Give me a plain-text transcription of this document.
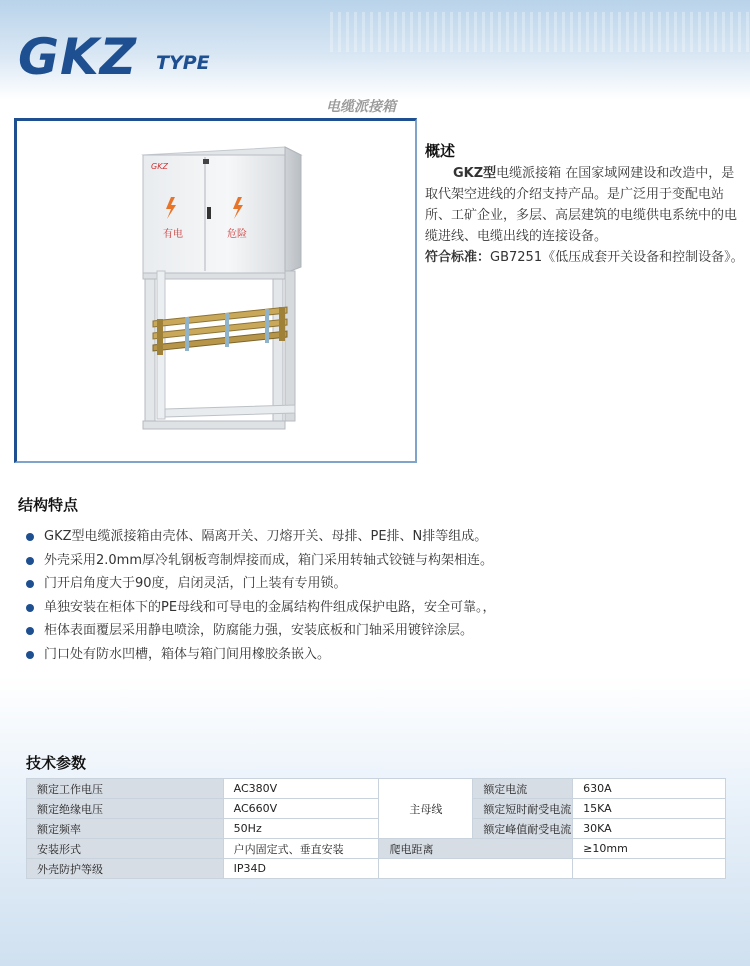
GKZ TYPE
电缆派接箱
有电	危险
GKZ
概述

GKZ型电缆派接箱 在国家域网建设和改造中，是取代架空进线的介绍支持产品。是广泛用于变配电站所、工矿企业，多层、高层建筑的电缆供电系统中的电缆进线、电缆出线的连接设备。

符合标准：GB7251《低压成套开关设备和控制设备》。

结构特点
GKZ型电缆派接箱由壳体、隔离开关、刀熔开关、母排、PE排、N排等组成。
外壳采用2.0mm厚冷轧钢板弯制焊接而成，箱门采用转轴式铰链与构架相连。
门开启角度大于90度，启闭灵活，门上装有专用锁。
单独安装在柜体下的PE母线和可导电的金属结构件组成保护电路，安全可靠。，
柜体表面覆层采用静电喷涂，防腐能力强，安装底板和门轴采用镀锌涂层。
门口处有防水凹槽，箱体与箱门间用橡胶条嵌入。
技术参数
额定工作电压	AC380V	主母线	额定电流	630A
额定绝缘电压	AC660V		额定短时耐受电流	15KA
额定频率	50Hz		额定峰值耐受电流	30KA
安装形式	户内固定式、垂直安装	爬电距离		≥10mm
外壳防护等级	IP34D			
